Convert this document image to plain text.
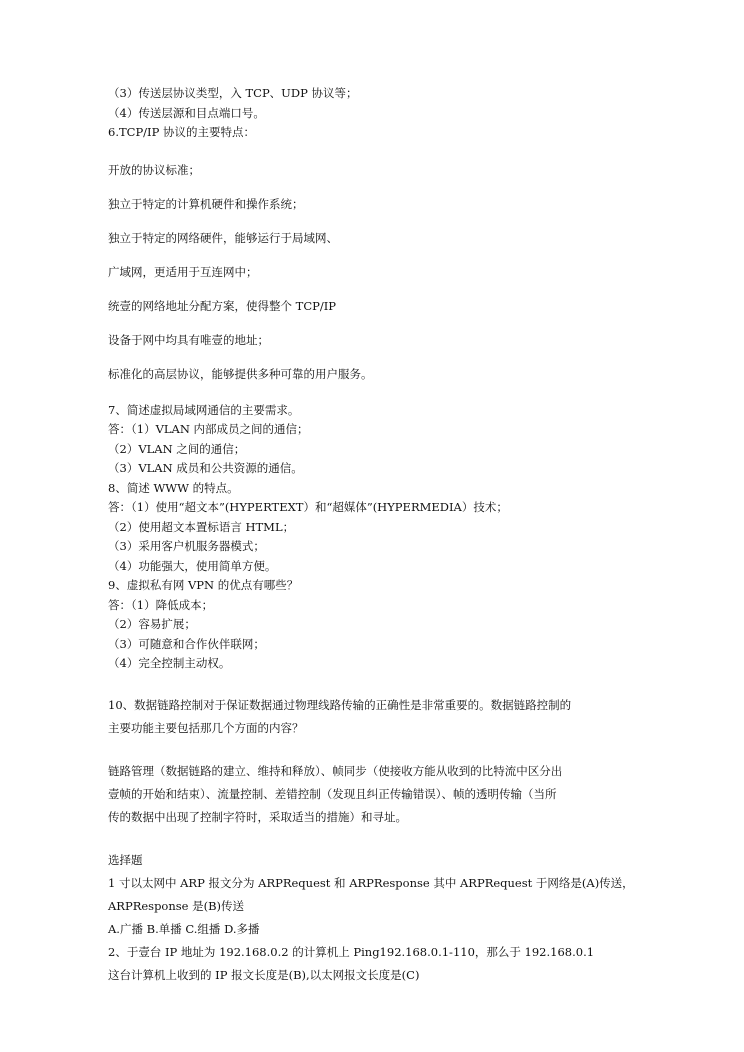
（3）传送层协议类型，入 TCP、UDP 协议等；
（4）传送层源和目点端口号。
6.TCP/IP 协议的主要特点：
开放的协议标准；
独立于特定的计算机硬件和操作系统；
独立于特定的网络硬件，能够运行于局域网、
广域网，更适用于互连网中；
统壹的网络地址分配方案，使得整个 TCP/IP
设备于网中均具有唯壹的地址；
标准化的高层协议，能够提供多种可靠的用户服务。
7、简述虚拟局域网通信的主要需求。
答：（1）VLAN 内部成员之间的通信；
（2）VLAN 之间的通信；
（3）VLAN 成员和公共资源的通信。
8、简述 WWW 的特点。
答：（1）使用“超文本”(HYPERTEXT）和“超媒体”(HYPERMEDIA）技术；
（2）使用超文本置标语言 HTML；
（3）采用客户机服务器模式；
（4）功能强大，使用简单方便。
9、虚拟私有网 VPN 的优点有哪些？
答：（1）降低成本；
（2）容易扩展；
（3）可随意和合作伙伴联网；
（4）完全控制主动权。
10、数据链路控制对于保证数据通过物理线路传输的正确性是非常重要的。数据链路控制的
主要功能主要包括那几个方面的内容？
链路管理（数据链路的建立、维持和释放）、帧同步（使接收方能从收到的比特流中区分出
壹帧的开始和结束）、流量控制、差错控制（发现且纠正传输错误）、帧的透明传输（当所
传的数据中出现了控制字符时，采取适当的措施）和寻址。
选择题
1 寸以太网中 ARP 报文分为 ARPRequest 和 ARPResponse 其中 ARPRequest 于网络是(A)传送，
ARPResponse 是(B)传送
A.广播 B.单播 C.组播 D.多播
2、于壹台 IP 地址为 192.168.0.2 的计算机上 Ping192.168.0.1-110，那么于 192.168.0.1
这台计算机上收到的 IP 报文长度是(B),以太网报文长度是(C)
